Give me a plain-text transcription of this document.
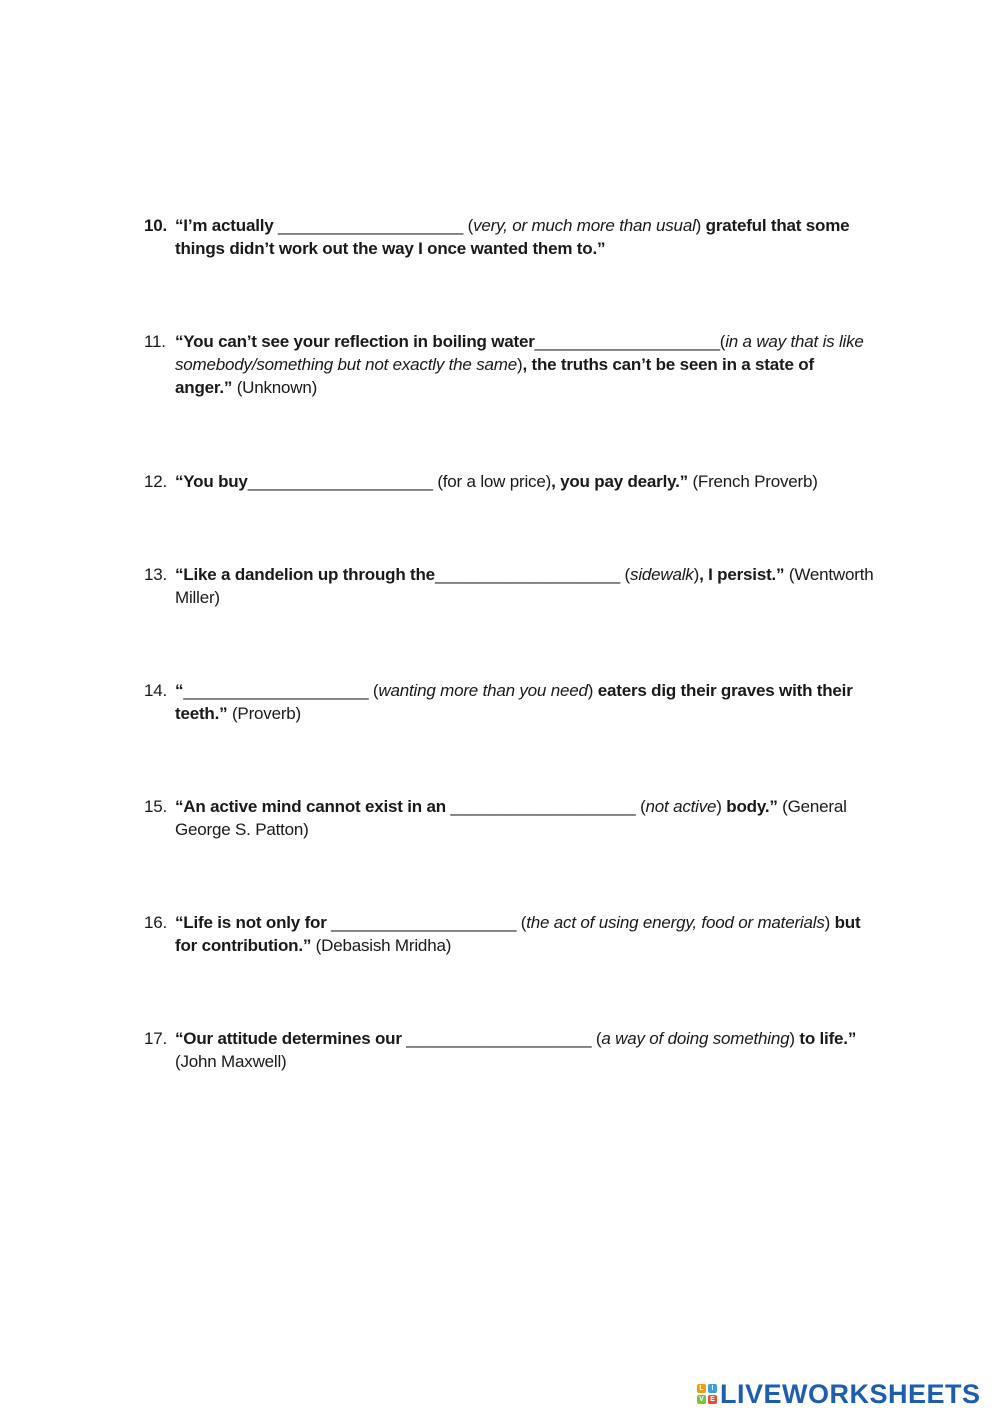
10. “I’m actually ____________________ (very, or much more than usual) grateful that some things didn’t work out the way I once wanted them to.”
11. “You can’t see your reflection in boiling water____________________(in a way that is like somebody/something but not exactly the same), the truths can’t be seen in a state of anger.” (Unknown)
12. “You buy____________________ (for a low price), you pay dearly.” (French Proverb)
13. “Like a dandelion up through the____________________ (sidewalk), I persist.” (Wentworth Miller)
14. “____________________ (wanting more than you need) eaters dig their graves with their teeth.” (Proverb)
15. “An active mind cannot exist in an ____________________ (not active) body.” (General George S. Patton)
16. “Life is not only for ____________________ (the act of using energy, food or materials) but for contribution.” (Debasish Mridha)
17. “Our attitude determines our ____________________ (a way of doing something) to life.” (John Maxwell)
L	I
V E LIVEWORKSHEETS
